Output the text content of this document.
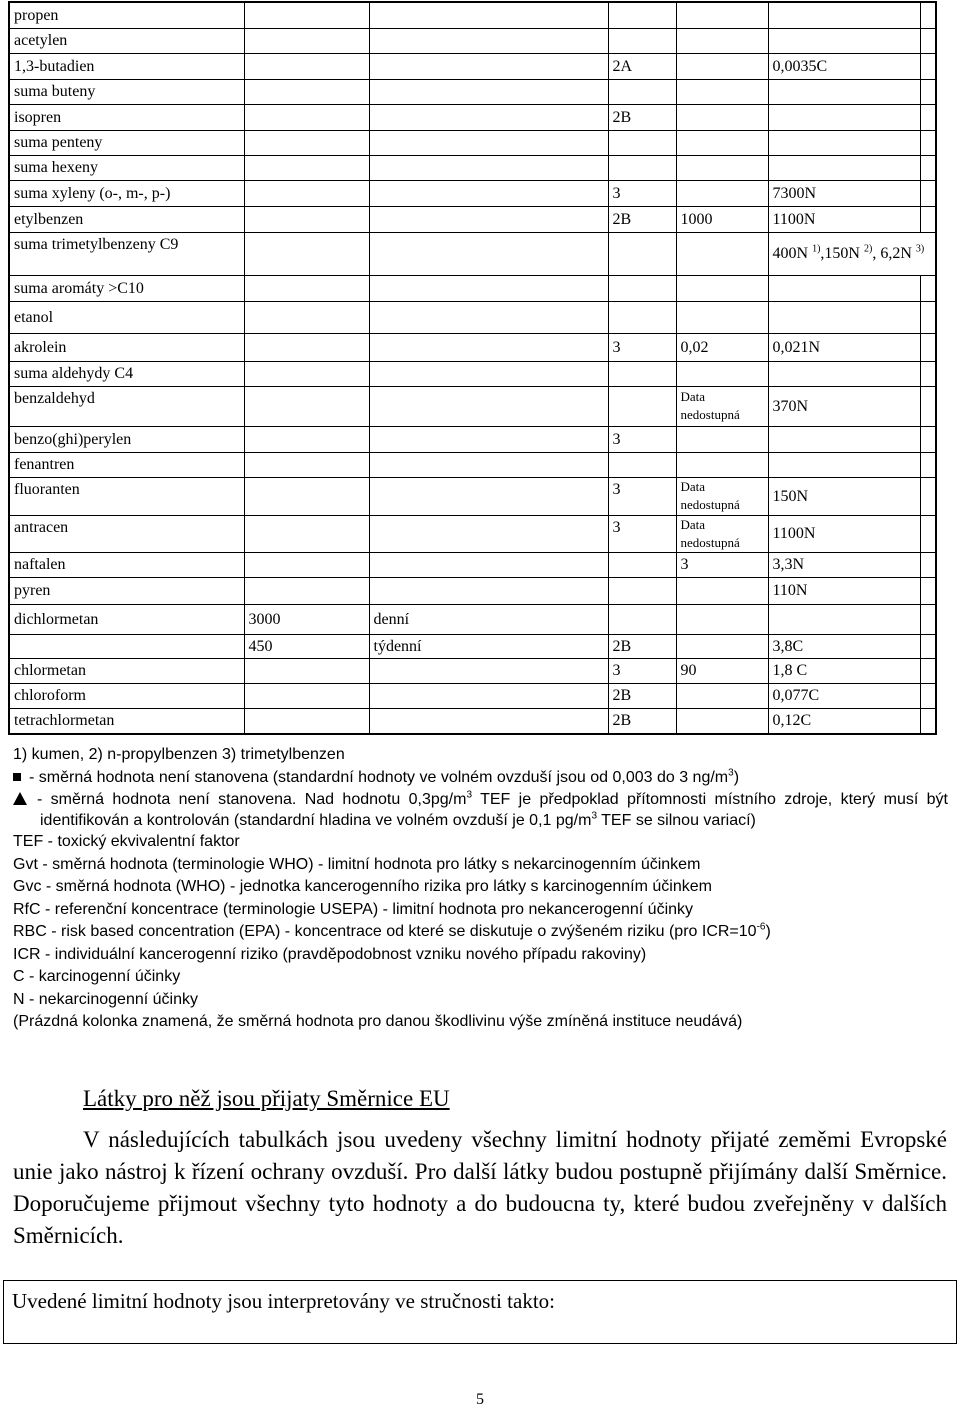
propen						
acetylen						
1,3-butadien			2A		0,0035C	
suma buteny						
isopren			2B			
suma penteny						
suma hexeny						
suma xyleny (o-, m-, p-)			3		7300N	
etylbenzen			2B	1000	1100N	
suma trimetylbenzeny C9					400N $^{1)}$,150N $^{2)}$, 6,2N $^{3)}$
suma aromáty >C10						
etanol						
akrolein			3	0,02	0,021N	
suma aldehydy C4						
benzaldehyd				Data nedostupná	370N	
benzo(ghi)perylen			3			
fenantren						
fluoranten			3	Data nedostupná	150N	
antracen			3	Data nedostupná	1100N	
naftalen				3	3,3N	
pyren					110N	
dichlormetan	3000	denní				
	450	týdenní	2B		3,8C	
chlormetan			3	90	1,8 C	
chloroform			2B		0,077C	
tetrachlormetan			2B		0,12C	

1) kumen, 2) n-propylbenzen 3) trimetylbenzen

- směrná hodnota není stanovena (standardní hodnoty ve volném ovzduší jsou od 0,003 do 3 $ng/m^3$)

- směrná hodnota není stanovena. Nad hodnotu $0,3pg/m^3$ TEF je předpoklad přítomnosti místního zdroje, který musí být identifikován a kontrolován (standardní hladina ve volném ovzduší je 0,1 $pg/m^3$ TEF se silnou variací)

TEF - toxický ekvivalentní faktor

Gvt - směrná hodnota (terminologie WHO) - limitní hodnota pro látky s nekarcinogenním účinkem

Gvc - směrná hodnota (WHO) - jednotka kancerogenního rizika pro látky s karcinogenním účinkem

RfC - referenční koncentrace (terminologie USEPA) - limitní hodnota pro nekancerogenní účinky

RBC - risk based concentration (EPA) - koncentrace od které se diskutuje o zvýšeném riziku (pro $ICR=10^{-6}$)

ICR - individuální kancerogenní riziko (pravděpodobnost vzniku nového případu rakoviny)

C - karcinogenní účinky

N - nekarcinogenní účinky

(Prázdná kolonka znamená, že směrná hodnota pro danou škodlivinu výše zmíněná instituce neudává)

Látky pro něž jsou přijaty Směrnice EU

V následujících tabulkách jsou uvedeny všechny limitní hodnoty přijaté zeměmi Evropské unie jako nástroj k řízení ochrany ovzduší. Pro další látky budou postupně přijímány další Směrnice. Doporučujeme přijmout všechny tyto hodnoty a do budoucna ty, které budou zveřejněny v dalších Směrnicích.

Uvedené limitní hodnoty jsou interpretovány ve stručnosti takto:
5
